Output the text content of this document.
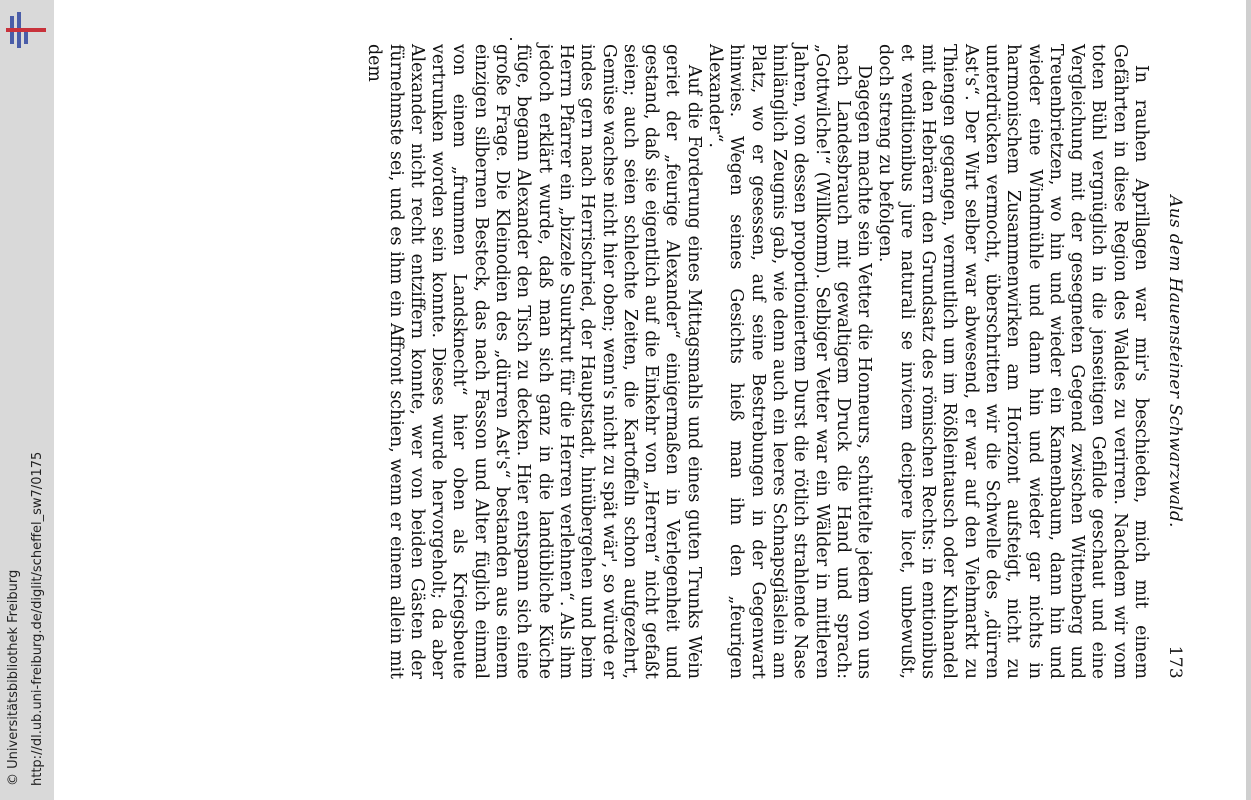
http://dl.ub.uni-freiburg.de/diglit/scheffel_sw7/0175
© Universitätsbibliothek Freiburg
Aus dem Hauensteiner Schwarzwald.
173

In rauhen Aprillagen war mir's beschieden, mich mit einem Gefährten in diese Region des Waldes zu verirren. Nachdem wir vom toten Bühl vergnüglich in die jenseitigen Gefilde geschaut und eine Vergleichung mit der gesegneten Gegend zwischen Wittenberg und Treuenbrietzen, wo hin und wieder ein Kamenbaum, dann hin und wieder eine Windmühle und dann hin und wieder gar nichts in harmonischem Zusammenwirken am Horizont aufsteigt, nicht zu unterdrücken vermocht, überschritten wir die Schwelle des „dürren Ast's“. Der Wirt selber war abwesend, er war auf den Viehmarkt zu Thiengen gegangen, vermutlich um im Rößleintausch oder Kuhhandel mit den Hebräern den Grundsatz des römischen Rechts: in emtionibus et venditionibus jure naturali se invicem decipere licet, unbewußt, doch streng zu befolgen.

Dagegen machte sein Vetter die Honneurs, schüttelte jedem von uns nach Landesbrauch mit gewaltigem Druck die Hand und sprach: „Gottwilche!“ (Willkomm). Selbiger Vetter war ein Wälder in mittleren Jahren, von dessen proportioniertem Durst die rötlich strahlende Nase hinlänglich Zeugnis gab, wie denn auch ein leeres Schnapsgläslein am Platz, wo er gesessen, auf seine Bestrebungen in der Gegenwart hinwies. Wegen seines Gesichts hieß man ihn den „feurigen Alexander“.

Auf die Forderung eines Mittagsmahls und eines guten Trunks Wein geriet der „feurige Alexander“ einigermaßen in Verlegenheit und gestand, daß sie eigentlich auf die Einkehr von „Herren“ nicht gefaßt seien; auch seien schlechte Zeiten, die Kartoffeln schon aufgezehrt, Gemüse wachse nicht hier oben; wenn's nicht zu spät wär', so würde er indes gern nach Herrischried, der Hauptstadt, hinübergehen und beim Herrn Pfarrer ein „bizzele Suurkrut für die Herren verlehnen“. Als ihm jedoch erklärt wurde, daß man sich ganz in die landübliche Küche füge, begann Alexander den Tisch zu decken. Hier entspann sich eine große Frage. Die Kleinodien des „dürren Ast's“ bestanden aus einem einzigen silbernen Besteck, das nach Fasson und Alter füglich einmal von einem „frummen Landsknecht“ hier oben als Kriegsbeute vertrunken worden sein konnte. Dieses wurde hervorgeholt; da aber Alexander nicht recht entziffern konnte, wer von beiden Gästen der fürnehmste sei, und es ihm ein Affront schien, wenn er einem allein mit dem
